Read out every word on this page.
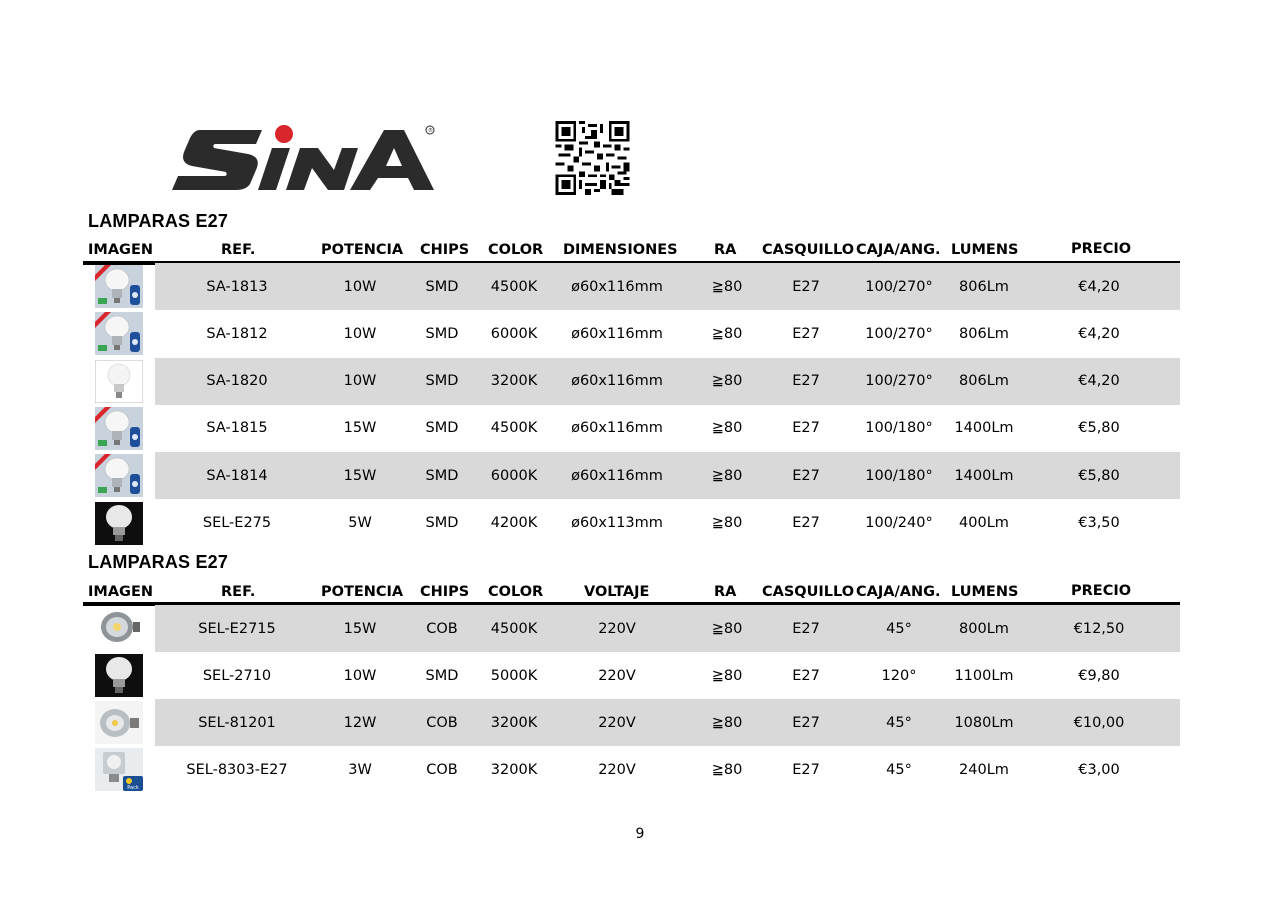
®
LAMPARAS E27
IMAGEN	REF.	POTENCIA CHIPS COLOR DIMENSIONES	RA CASQUILLO CAJA/ANG. LUMENS	PRECIO
SA-1813	10W	SMD 4500K ø60x116mm	≧80	E27	100/270° 806Lm	€4,20
SA-1812	10W	SMD 6000K ø60x116mm	≧80	E27	100/270° 806Lm	€4,20
SA-1820	10W	SMD 3200K ø60x116mm	≧80	E27	100/270° 806Lm	€4,20
SA-1815	15W	SMD 4500K ø60x116mm	≧80	E27	100/180° 1400Lm	€5,80
SA-1814	15W	SMD 6000K ø60x116mm	≧80	E27	100/180° 1400Lm	€5,80
SEL-E275	5W	SMD 4200K ø60x113mm	≧80	E27	100/240° 400Lm	€3,50
LAMPARAS E27
IMAGEN	REF.	POTENCIA CHIPS COLOR	VOLTAJE	RA CASQUILLO CAJA/ANG. LUMENS	PRECIO
SEL-E2715	15W	COB 4500K	220V	≧80	E27	45°	800Lm	€12,50
SEL-2710	10W	SMD 5000K	220V	≧80	E27	120°	1100Lm	€9,80
SEL-81201	12W	COB 3200K	220V	≧80	E27	45°	1080Lm	€10,00
Pack
SEL-8303-E27	3W	COB 3200K	220V	≧80	E27	45°	240Lm	€3,00
9
